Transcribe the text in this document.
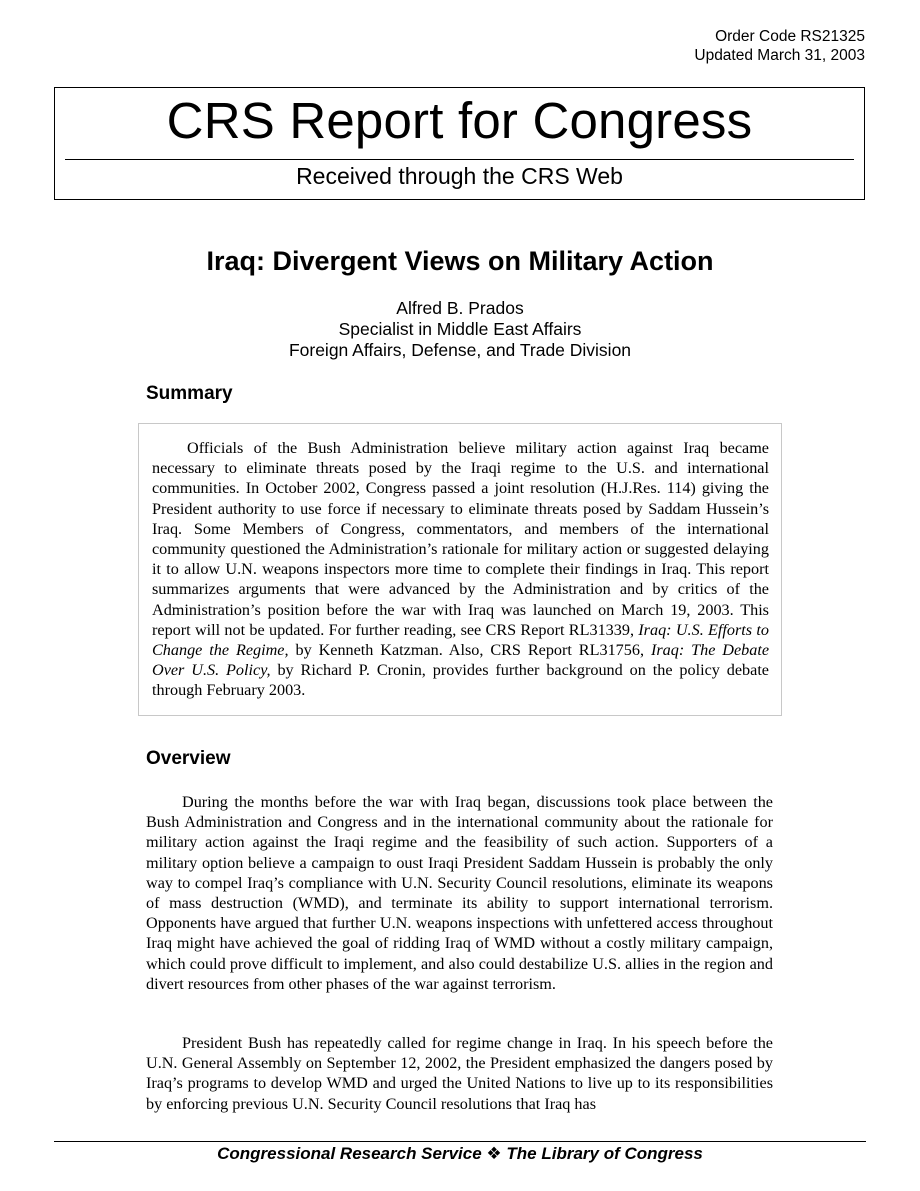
Order Code RS21325
Updated March 31, 2003
CRS Report for Congress
Received through the CRS Web
Iraq: Divergent Views on Military Action
Alfred B. Prados
Specialist in Middle East Affairs
Foreign Affairs, Defense, and Trade Division
Summary

Officials of the Bush Administration believe military action against Iraq became necessary to eliminate threats posed by the Iraqi regime to the U.S. and international communities. In October 2002, Congress passed a joint resolution (H.J.Res. 114) giving the President authority to use force if necessary to eliminate threats posed by Saddam Hussein’s Iraq. Some Members of Congress, commentators, and members of the international community questioned the Administration’s rationale for military action or suggested delaying it to allow U.N. weapons inspectors more time to complete their findings in Iraq. This report summarizes arguments that were advanced by the Administration and by critics of the Administration’s position before the war with Iraq was launched on March 19, 2003. This report will not be updated. For further reading, see CRS Report RL31339, Iraq: U.S. Efforts to Change the Regime, by Kenneth Katzman. Also, CRS Report RL31756, Iraq: The Debate Over U.S. Policy, by Richard P. Cronin, provides further background on the policy debate through February 2003.

Overview

During the months before the war with Iraq began, discussions took place between the Bush Administration and Congress and in the international community about the rationale for military action against the Iraqi regime and the feasibility of such action. Supporters of a military option believe a campaign to oust Iraqi President Saddam Hussein is probably the only way to compel Iraq’s compliance with U.N. Security Council resolutions, eliminate its weapons of mass destruction (WMD), and terminate its ability to support international terrorism. Opponents have argued that further U.N. weapons inspections with unfettered access throughout Iraq might have achieved the goal of ridding Iraq of WMD without a costly military campaign, which could prove difficult to implement, and also could destabilize U.S. allies in the region and divert resources from other phases of the war against terrorism.

President Bush has repeatedly called for regime change in Iraq. In his speech before the U.N. General Assembly on September 12, 2002, the President emphasized the dangers posed by Iraq’s programs to develop WMD and urged the United Nations to live up to its responsibilities by enforcing previous U.N. Security Council resolutions that Iraq has

Congressional Research Service ❖ The Library of Congress
